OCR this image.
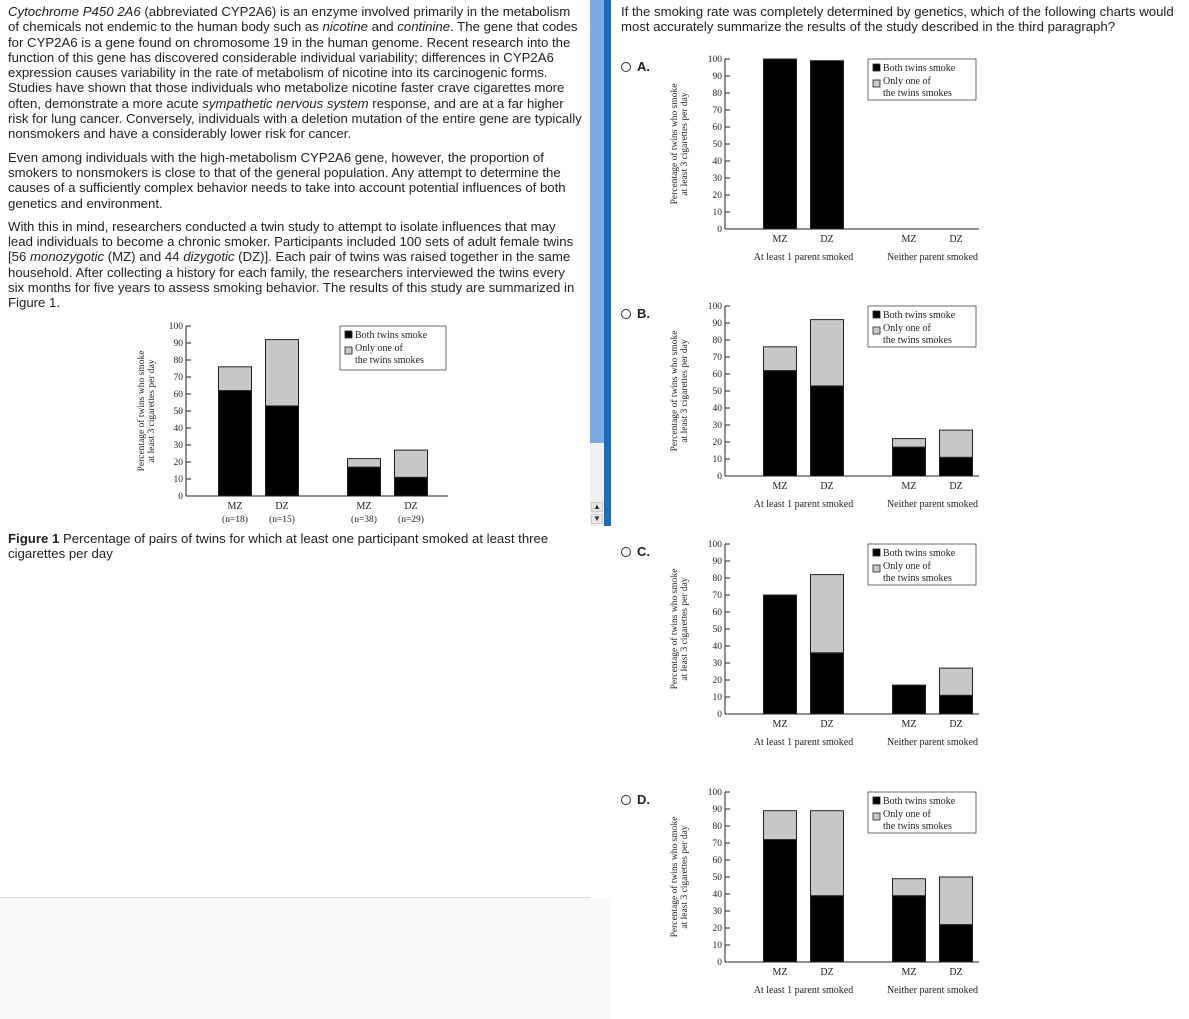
Cytochrome P450 2A6 (abbreviated CYP2A6) is an enzyme involved primarily in the metabolism of chemicals not endemic to the human body such as nicotine and continine. The gene that codes for CYP2A6 is a gene found on chromosome 19 in the human genome. Recent research into the function of this gene has discovered considerable individual variability; differences in CYP2A6 expression causes variability in the rate of metabolism of nicotine into its carcinogenic forms. Studies have shown that those individuals who metabolize nicotine faster crave cigarettes more often, demonstrate a more acute sympathetic nervous system response, and are at a far higher risk for lung cancer. Conversely, individuals with a deletion mutation of the entire gene are typically nonsmokers and have a considerably lower risk for cancer.

Even among individuals with the high-metabolism CYP2A6 gene, however, the proportion of smokers to nonsmokers is close to that of the general population. Any attempt to determine the causes of a sufficiently complex behavior needs to take into account potential influences of both genetics and environment.

With this in mind, researchers conducted a twin study to attempt to isolate influences that may lead individuals to become a chronic smoker. Participants included 100 sets of adult female twins [56 monozygotic (MZ) and 44 dizygotic (DZ)]. Each pair of twins was raised together in the same household. After collecting a history for each family, the researchers interviewed the twins every six months for five years to assess smoking behavior. The results of this study are summarized in Figure 1.

Percentage of twins who smoke at least 3 cigarettes per day
0
10
20
30
40
50
60
70
80
90
100
MZ
(n=18)
DZ
(n=15)
MZ
(n=38)
DZ
(n=29)
Both twins smoke
Only one of
the twins smokes
Figure 1 Percentage of pairs of twins for which at least one participant smoked at least three cigarettes per day
▲
▼
If the smoking rate was completely determined by genetics, which of the following charts would most accurately summarize the results of the study described in the third paragraph?
A.
Percentage of twins who smoke at least 3 cigarettes per day
0
10
20
30
40
50
60
70
80
90
100
MZ	DZ	MZ	DZ
At least 1 parent smoked	Neither parent smoked
Both twins smoke
Only one of
the twins smokes
B.
Percentage of twins who smoke at least 3 cigarettes per day
0
10
20
30
40
50
60
70
80
90
100
MZ	DZ	MZ	DZ
At least 1 parent smoked	Neither parent smoked
Both twins smoke
Only one of
the twins smokes
C.
Percentage of twins who smoke at least 3 cigarettes per day
0
10
20
30
40
50
60
70
80
90
100
MZ	DZ	MZ	DZ
At least 1 parent smoked	Neither parent smoked
Both twins smoke
Only one of
the twins smokes
D.
Percentage of twins who smoke at least 3 cigarettes per day
0
10
20
30
40
50
60
70
80
90
100
MZ	DZ	MZ	DZ
At least 1 parent smoked	Neither parent smoked
Both twins smoke
Only one of
the twins smokes
